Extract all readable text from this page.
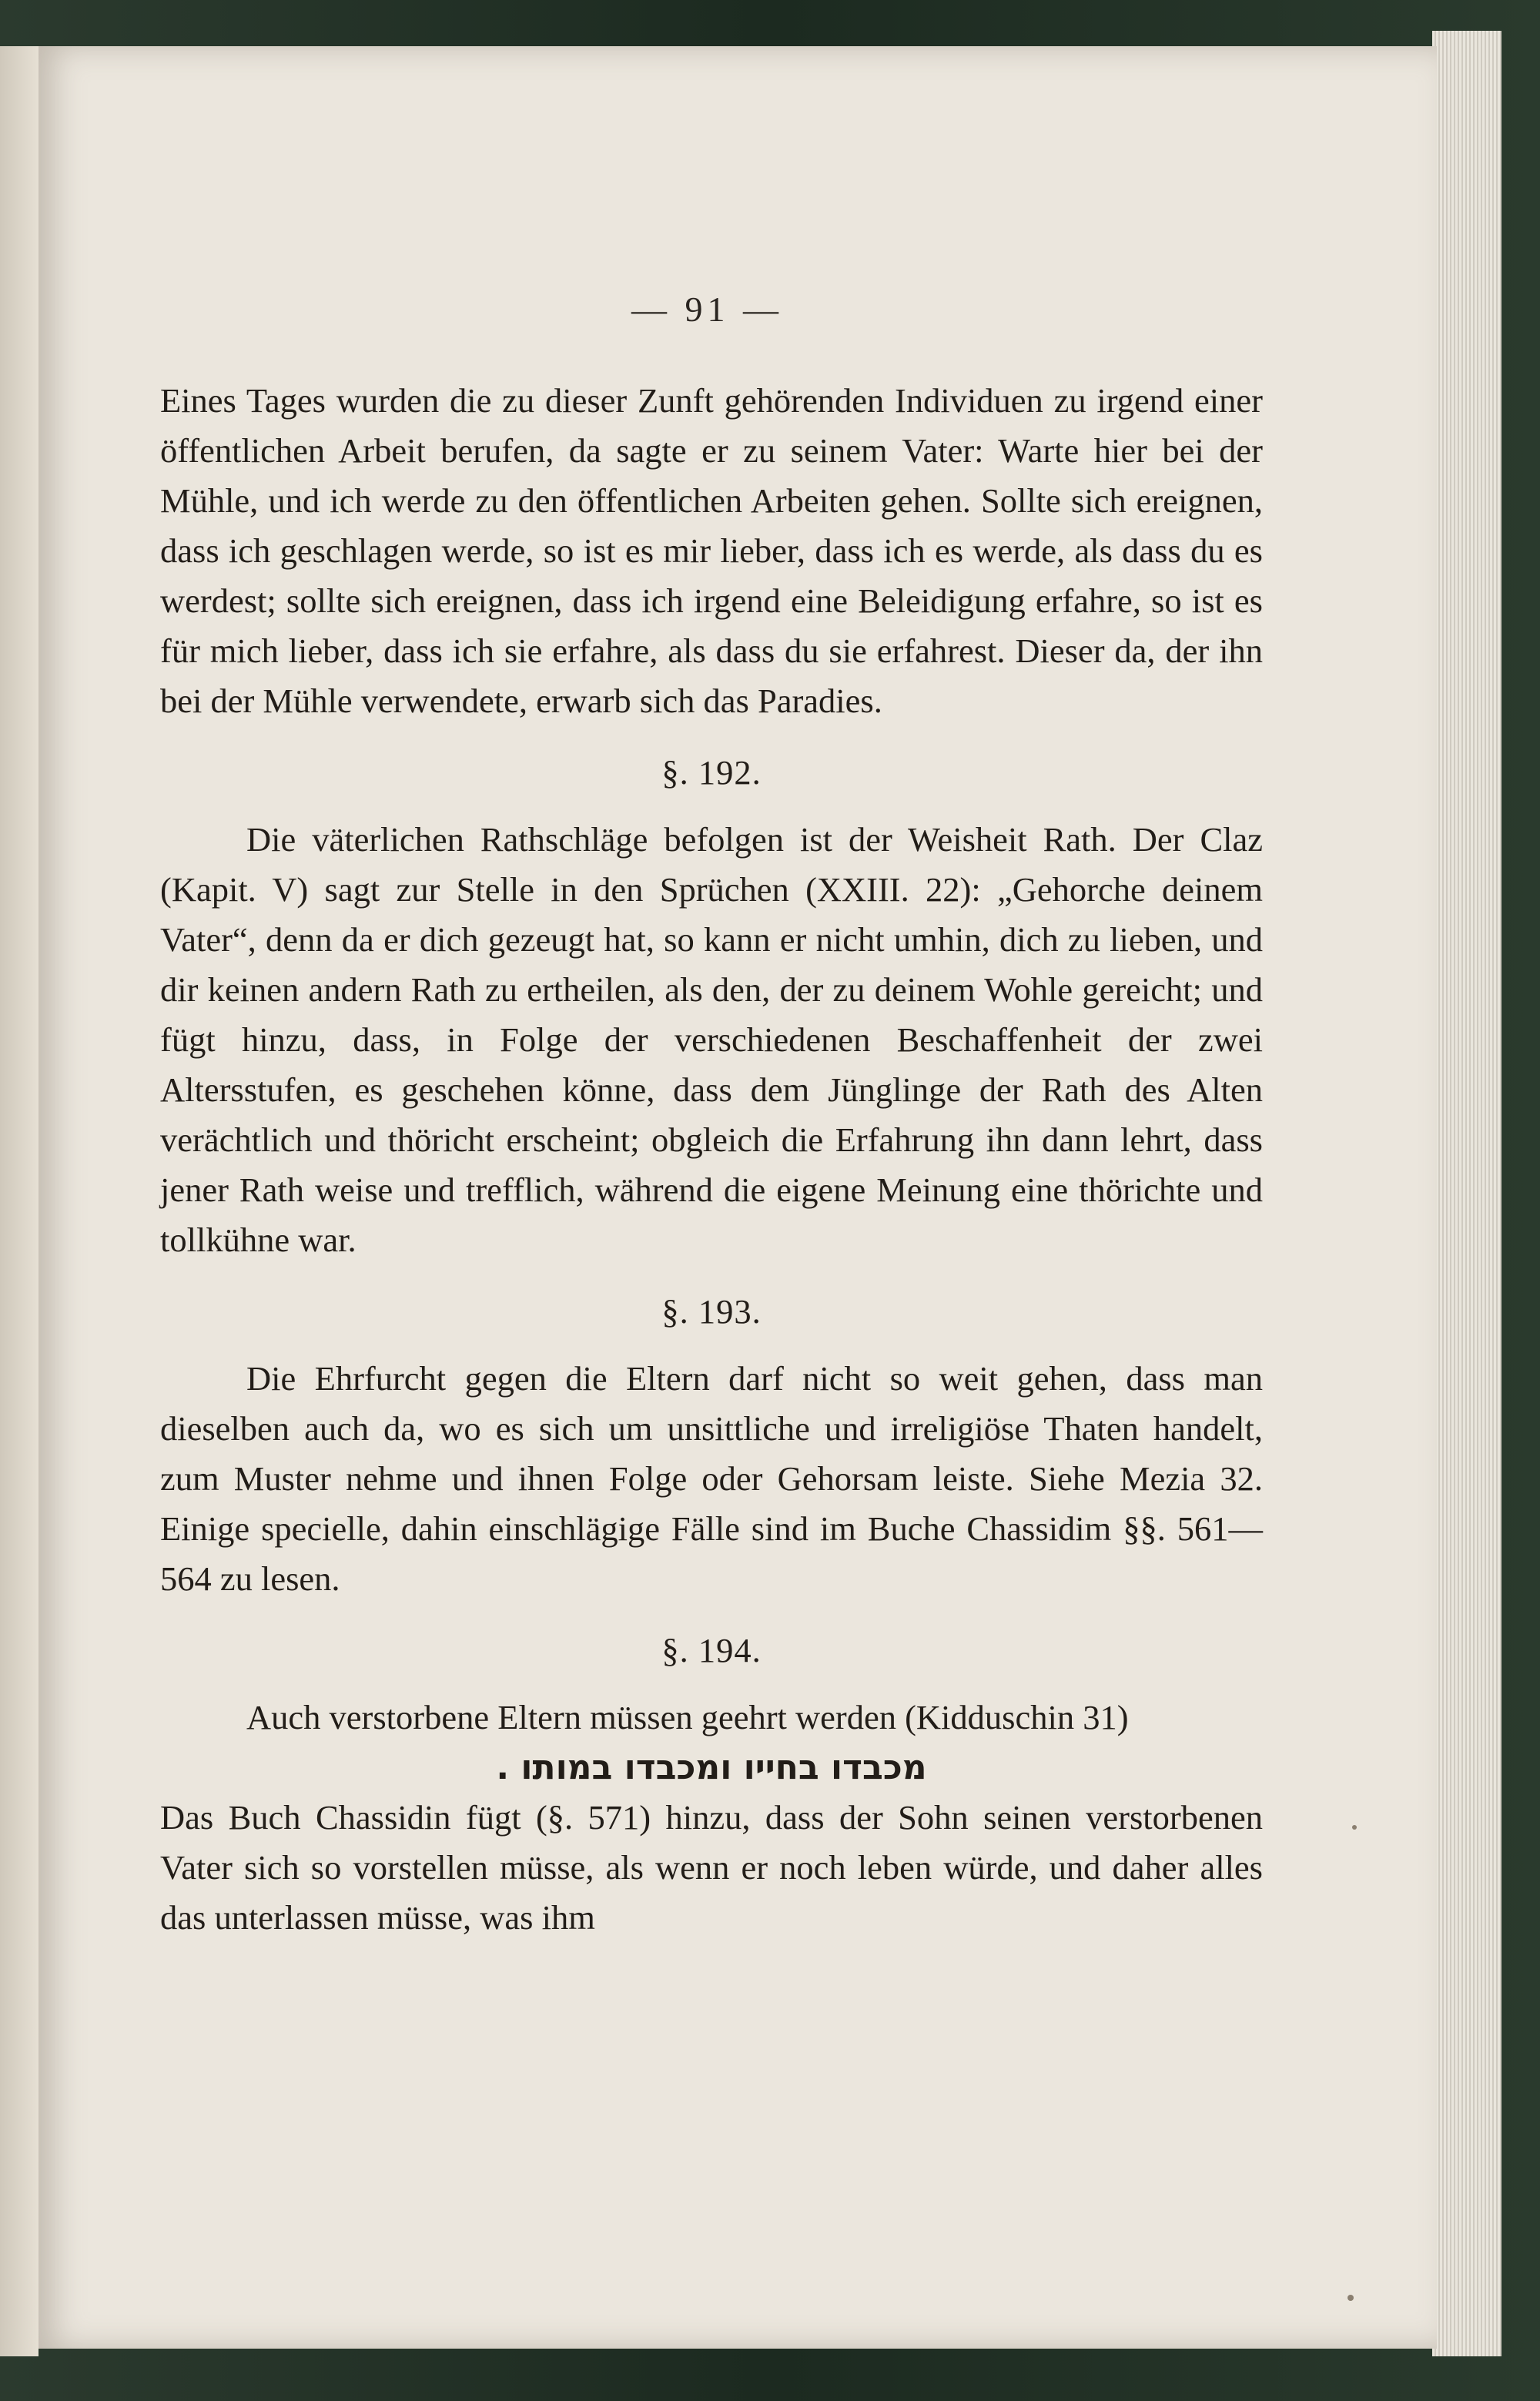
— 91 —

Eines Tages wurden die zu dieser Zunft gehörenden Individuen zu irgend einer öffentlichen Arbeit berufen, da sagte er zu seinem Vater: Warte hier bei der Mühle, und ich werde zu den öffentlichen Arbeiten gehen. Sollte sich ereignen, dass ich geschlagen werde, so ist es mir lieber, dass ich es werde, als dass du es werdest; sollte sich ereignen, dass ich irgend eine Beleidigung erfahre, so ist es für mich lieber, dass ich sie erfahre, als dass du sie erfahrest. Dieser da, der ihn bei der Mühle verwendete, erwarb sich das Paradies.

§. 192.

Die väterlichen Rathschläge befolgen ist der Weisheit Rath. Der Claz (Kapit. V) sagt zur Stelle in den Sprüchen (XXIII. 22): „Gehorche deinem Vater“, denn da er dich gezeugt hat, so kann er nicht umhin, dich zu lieben, und dir keinen andern Rath zu ertheilen, als den, der zu deinem Wohle gereicht; und fügt hinzu, dass, in Folge der verschiedenen Beschaffenheit der zwei Altersstufen, es geschehen könne, dass dem Jünglinge der Rath des Alten verächtlich und thöricht erscheint; obgleich die Erfahrung ihn dann lehrt, dass jener Rath weise und trefflich, während die eigene Meinung eine thörichte und tollkühne war.

§. 193.

Die Ehrfurcht gegen die Eltern darf nicht so weit gehen, dass man dieselben auch da, wo es sich um unsittliche und irreligiöse Thaten handelt, zum Muster nehme und ihnen Folge oder Gehorsam leiste. Siehe Mezia 32. Einige specielle, dahin einschlägige Fälle sind im Buche Chassidim §§. 561—564 zu lesen.

§. 194.

Auch verstorbene Eltern müssen geehrt werden (Kidduschin 31)

מכבדו בחייו ומכבדו במותו .

Das Buch Chassidin fügt (§. 571) hinzu, dass der Sohn seinen verstorbenen Vater sich so vorstellen müsse, als wenn er noch leben würde, und daher alles das unterlassen müsse, was ihm
